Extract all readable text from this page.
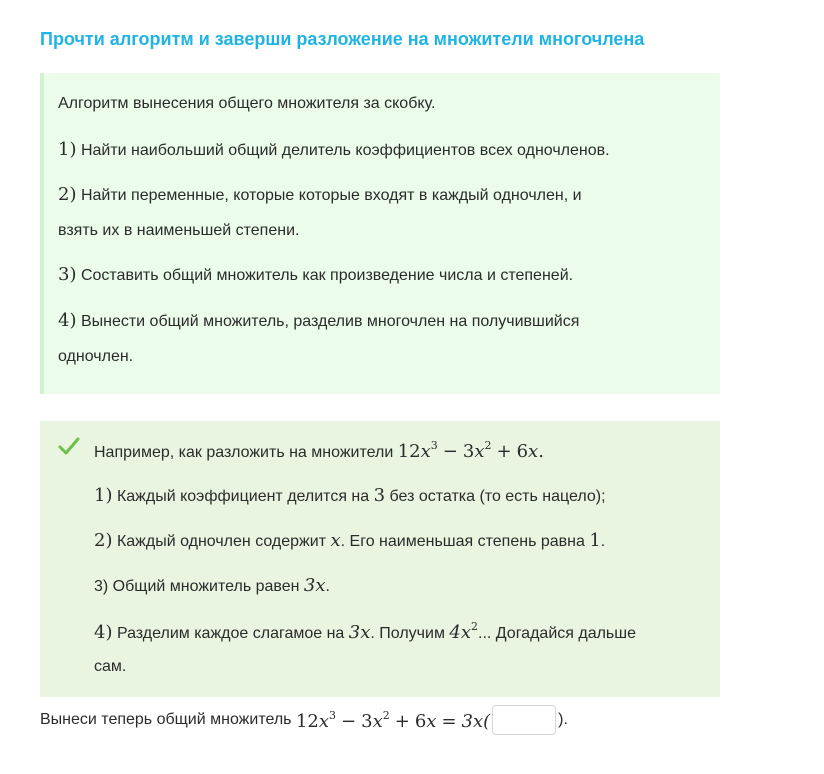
Прочти алгоритм и заверши разложение на множители многочлена
Алгоритм вынесения общего множителя за скобку.
1) Найти наибольший общий делитель коэффициентов всех одночленов.
2) Найти переменные, которые которые входят в каждый одночлен, и
взять их в наименьшей степени.
3) Составить общий множитель как произведение числа и степеней.
4) Вынести общий множитель, разделив многочлен на получившийся
одночлен.
Например, как разложить на множители $12x^3 - 3x^2 + 6x$.
1) Каждый коэффициент делится на 3 без остатка (то есть нацело);
2) Каждый одночлен содержит x. Его наименьшая степень равна 1.
3) Общий множитель равен 3x.
4) Разделим каждое слагамое на 3x. Получим $4x^2$... Догадайся дальше
сам.
Вынеси теперь общий множитель
$12x^3 - 3x^2 + 6x = 3x$(	).
